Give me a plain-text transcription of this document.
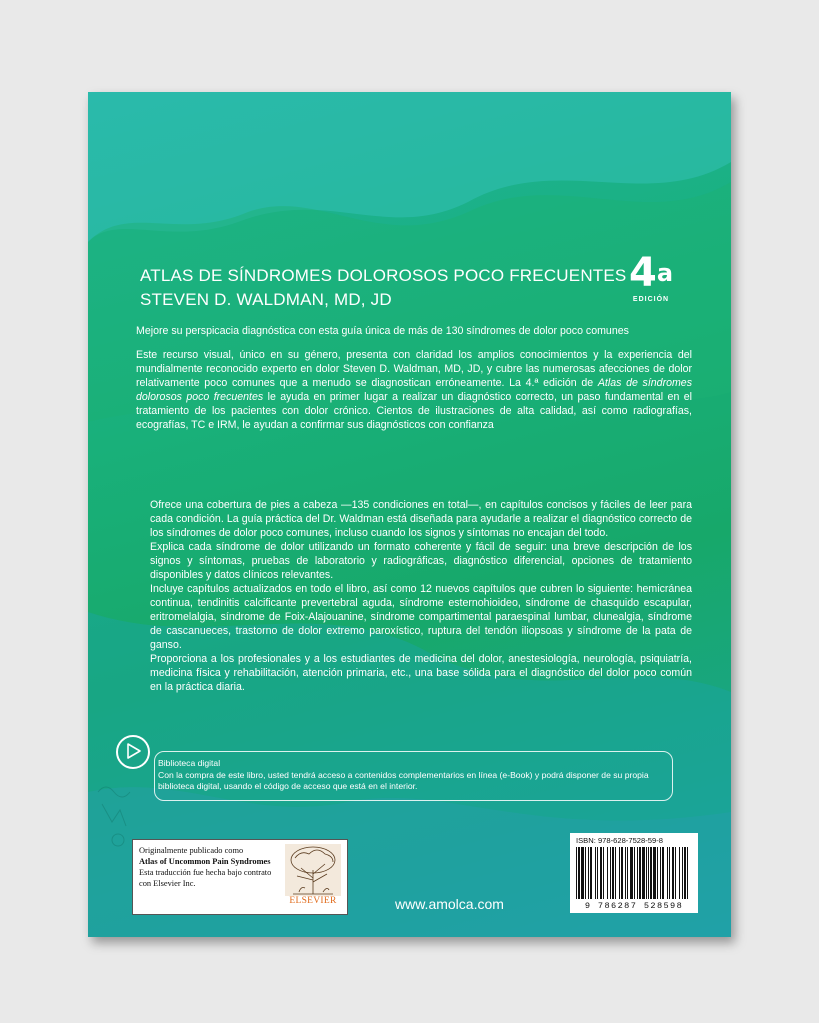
ATLAS DE SÍNDROMES DOLOROSOS POCO FRECUENTES
STEVEN D. WALDMAN, MD, JD
4$^a$
EDICIÓN

Mejore su perspicacia diagnóstica con esta guía única de más de 130 síndromes de dolor poco comunes

Este recurso visual, único en su género, presenta con claridad los amplios conocimientos y la experiencia del mundialmente reconocido experto en dolor Steven D. Waldman, MD, JD, y cubre las numerosas afecciones de dolor relativamente poco comunes que a menudo se diagnostican erróneamente. La 4.ª edición de Atlas de síndromes dolorosos poco frecuentes le ayuda en primer lugar a realizar un diagnóstico correcto, un paso fundamental en el tratamiento de los pacientes con dolor crónico. Cientos de ilustraciones de alta calidad, así como radiografías, ecografías, TC e IRM, le ayudan a confirmar sus diagnósticos con confianza

Ofrece una cobertura de pies a cabeza —135 condiciones en total—, en capítulos concisos y fáciles de leer para cada condición. La guía práctica del Dr. Waldman está diseñada para ayudarle a realizar el diagnóstico correcto de los síndromes de dolor poco comunes, incluso cuando los signos y síntomas no encajan del todo.

Explica cada síndrome de dolor utilizando un formato coherente y fácil de seguir: una breve descripción de los signos y síntomas, pruebas de laboratorio y radiográficas, diagnóstico diferencial, opciones de tratamiento disponibles y datos clínicos relevantes.

Incluye capítulos actualizados en todo el libro, así como 12 nuevos capítulos que cubren lo siguiente: hemicránea continua, tendinitis calcificante prevertebral aguda, síndrome esternohioideo, síndrome de chasquido escapular, eritromelalgia, síndrome de Foix-Alajouanine, síndrome compartimental paraespinal lumbar, clunealgia, síndrome de cascanueces, trastorno de dolor extremo paroxístico, ruptura del tendón iliopsoas y síndrome de la pata de ganso.

Proporciona a los profesionales y a los estudiantes de medicina del dolor, anestesiología, neurología, psiquiatría, medicina física y rehabilitación, atención primaria, etc., una base sólida para el diagnóstico del dolor poco común en la práctica diaria.

Biblioteca digital
Con la compra de este libro, usted tendrá acceso a contenidos complementarios en línea (e-Book) y podrá disponer de su propia biblioteca digital, usando el código de acceso que está en el interior.
Originalmente publicado como
Atlas of Uncommon Pain Syndromes
Esta traducción fue hecha bajo contrato con Elsevier Inc.
ELSEVIER	www.amolca.com
ISBN: 978-628-7528-59-8
9 786287 528598
